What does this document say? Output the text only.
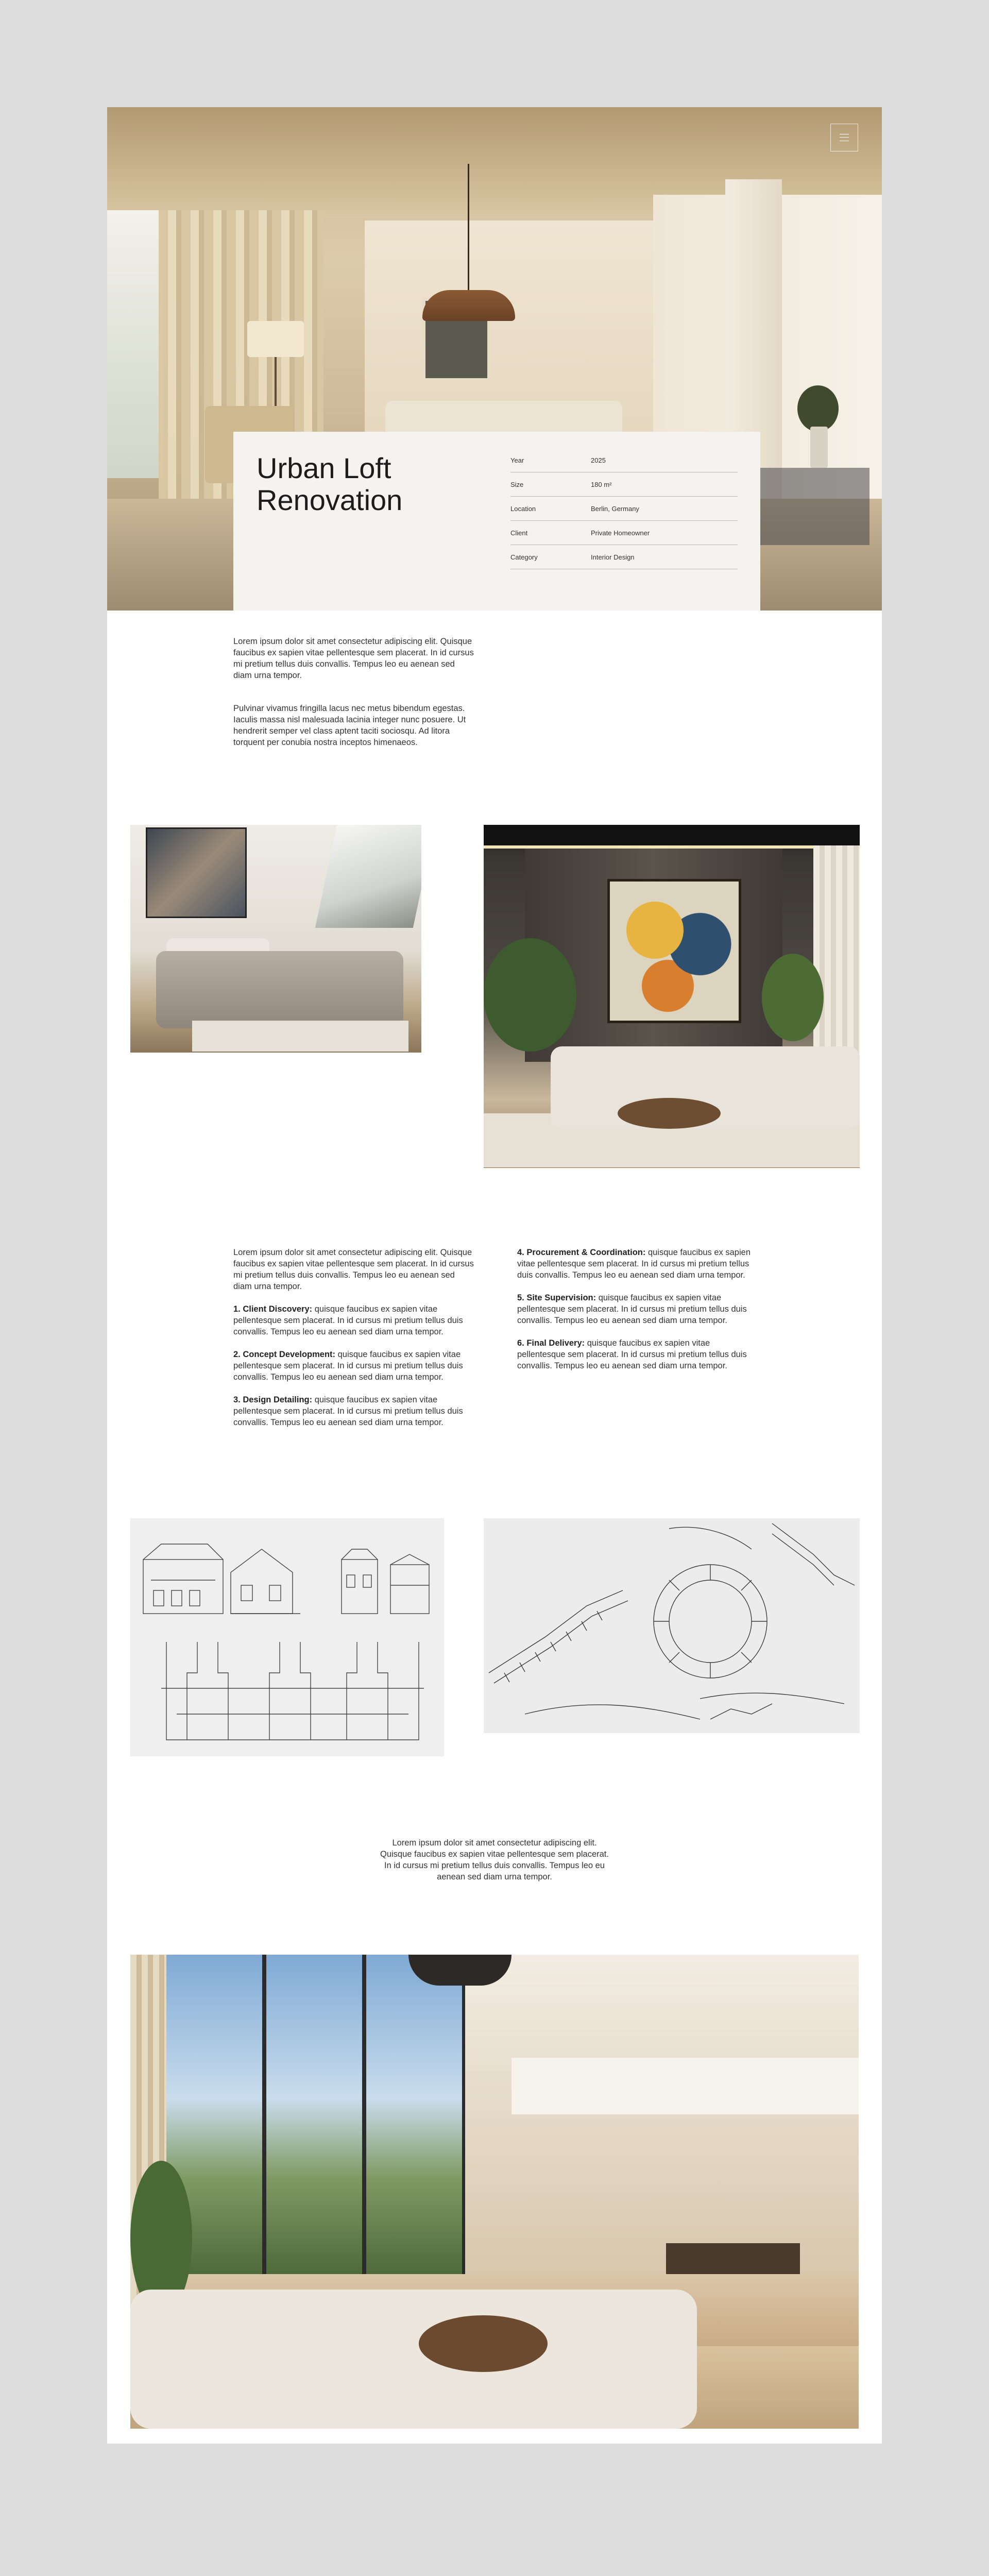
Urban Loft Renovation
Year	2025
Size	180 m²
Location	Berlin, Germany
Client	Private Homeowner
Category	Interior Design

Lorem ipsum dolor sit amet consectetur adipiscing elit. Quisque faucibus ex sapien vitae pellentesque sem placerat. In id cursus mi pretium tellus duis convallis. Tempus leo eu aenean sed diam urna tempor.

Pulvinar vivamus fringilla lacus nec metus bibendum egestas. Iaculis massa nisl malesuada lacinia integer nunc posuere. Ut hendrerit semper vel class aptent taciti sociosqu. Ad litora torquent per conubia nostra inceptos himenaeos.

Lorem ipsum dolor sit amet consectetur adipiscing elit. Quisque faucibus ex sapien vitae pellentesque sem placerat. In id cursus mi pretium tellus duis convallis. Tempus leo eu aenean sed diam urna tempor.

1. Client Discovery: quisque faucibus ex sapien vitae pellentesque sem placerat. In id cursus mi pretium tellus duis convallis. Tempus leo eu aenean sed diam urna tempor.

2. Concept Development: quisque faucibus ex sapien vitae pellentesque sem placerat. In id cursus mi pretium tellus duis convallis. Tempus leo eu aenean sed diam urna tempor.

3. Design Detailing: quisque faucibus ex sapien vitae pellentesque sem placerat. In id cursus mi pretium tellus duis convallis. Tempus leo eu aenean sed diam urna tempor.

4. Procurement & Coordination: quisque faucibus ex sapien vitae pellentesque sem placerat. In id cursus mi pretium tellus duis convallis. Tempus leo eu aenean sed diam urna tempor.

5. Site Supervision: quisque faucibus ex sapien vitae pellentesque sem placerat. In id cursus mi pretium tellus duis convallis. Tempus leo eu aenean sed diam urna tempor.

6. Final Delivery: quisque faucibus ex sapien vitae pellentesque sem placerat. In id cursus mi pretium tellus duis convallis. Tempus leo eu aenean sed diam urna tempor.

Lorem ipsum dolor sit amet consectetur adipiscing elit. Quisque faucibus ex sapien vitae pellentesque sem placerat. In id cursus mi pretium tellus duis convallis. Tempus leo eu aenean sed diam urna tempor.
